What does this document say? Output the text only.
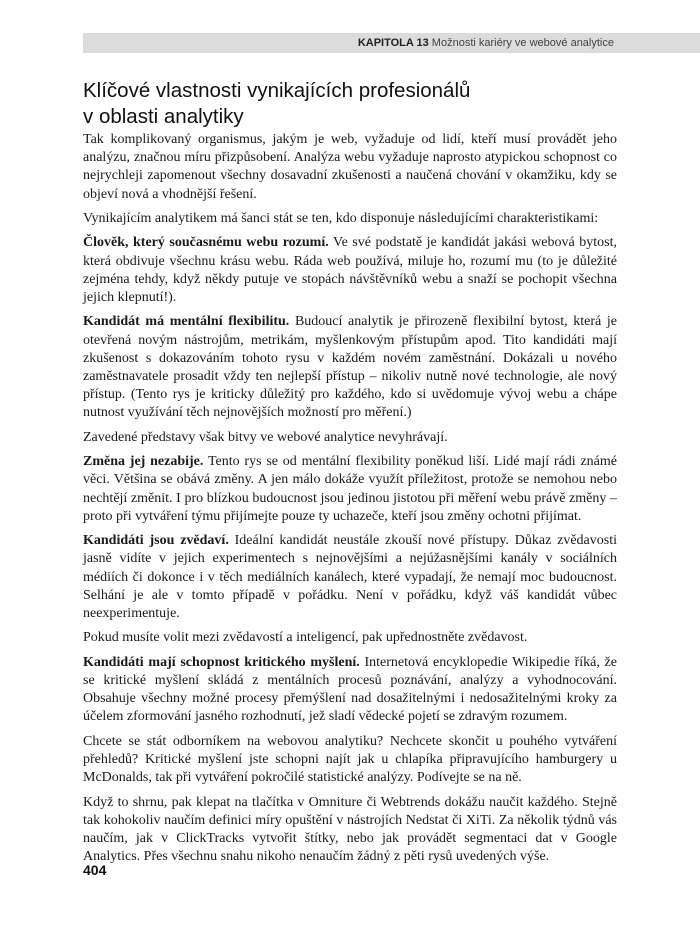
KAPITOLA 13 Možnosti kariéry ve webové analytice
Klíčové vlastnosti vynikajících profesionálů
v oblasti analytiky

Tak komplikovaný organismus, jakým je web, vyžaduje od lidí, kteří musí provádět jeho analýzu, značnou míru přizpůsobení. Analýza webu vyžaduje naprosto atypickou schopnost co nejrychleji zapomenout všechny dosavadní zkušenosti a naučená chování v okamžiku, kdy se objeví nová a vhodnější řešení.

Vynikajícím analytikem má šanci stát se ten, kdo disponuje následujícími charakteristikami:

Člověk, který současnému webu rozumí. Ve své podstatě je kandidát jakási webová bytost, která obdivuje všechnu krásu webu. Ráda web používá, miluje ho, rozumí mu (to je důležité zejména tehdy, když někdy putuje ve stopách návštěvníků webu a snaží se pochopit všechna jejich klepnutí!).

Kandidát má mentální flexibilitu. Budoucí analytik je přirozeně flexibilní bytost, která je otevřená novým nástrojům, metrikám, myšlenkovým přístupům apod. Tito kandidáti mají zkušenost s dokazováním tohoto rysu v každém novém zaměstnání. Dokázali u nového zaměstnavatele prosadit vždy ten nejlepší přístup – nikoliv nutně nové technologie, ale nový přístup. (Tento rys je kriticky důležitý pro každého, kdo si uvědomuje vývoj webu a chápe nutnost využívání těch nejnovějších možností pro měření.)

Zavedené představy však bitvy ve webové analytice nevyhrávají.

Změna jej nezabije. Tento rys se od mentální flexibility poněkud liší. Lidé mají rádi známé věci. Většina se obává změny. A jen málo dokáže využít příležitost, protože se nemohou nebo nechtějí změnit. I pro blízkou budoucnost jsou jedinou jistotou při měření webu právě změny – proto při vytváření týmu přijímejte pouze ty uchazeče, kteří jsou změny ochotni přijímat.

Kandidáti jsou zvědaví. Ideální kandidát neustále zkouší nové přístupy. Důkaz zvědavosti jasně vidíte v jejich experimentech s nejnovějšími a nejúžasnějšími kanály v sociálních médiích či dokonce i v těch mediálních kanálech, které vypadají, že nemají moc budoucnost. Selhání je ale v tomto případě v pořádku. Není v pořádku, když váš kandidát vůbec neexperimentuje.

Pokud musíte volit mezi zvědavostí a inteligencí, pak upřednostněte zvědavost.

Kandidáti mají schopnost kritického myšlení. Internetová encyklopedie Wikipedie říká, že se kritické myšlení skládá z mentálních procesů poznávání, analýzy a vyhodnocování. Obsahuje všechny možné procesy přemýšlení nad dosažitelnými i nedosažitelnými kroky za účelem zformování jasného rozhodnutí, jež sladí vědecké pojetí se zdravým rozumem.

Chcete se stát odborníkem na webovou analytiku? Nechcete skončit u pouhého vytváření přehledů? Kritické myšlení jste schopni najít jak u chlapíka připravujícího hamburgery u McDonalds, tak při vytváření pokročilé statistické analýzy. Podívejte se na ně.

Když to shrnu, pak klepat na tlačítka v Omniture či Webtrends dokážu naučit každého. Stejně tak kohokoliv naučím definici míry opuštění v nástrojích Nedstat či XiTi. Za několik týdnů vás naučím, jak v ClickTracks vytvořit štítky, nebo jak provádět segmentaci dat v Google Analytics. Přes všechnu snahu nikoho nenaučím žádný z pěti rysů uvedených výše.

404
